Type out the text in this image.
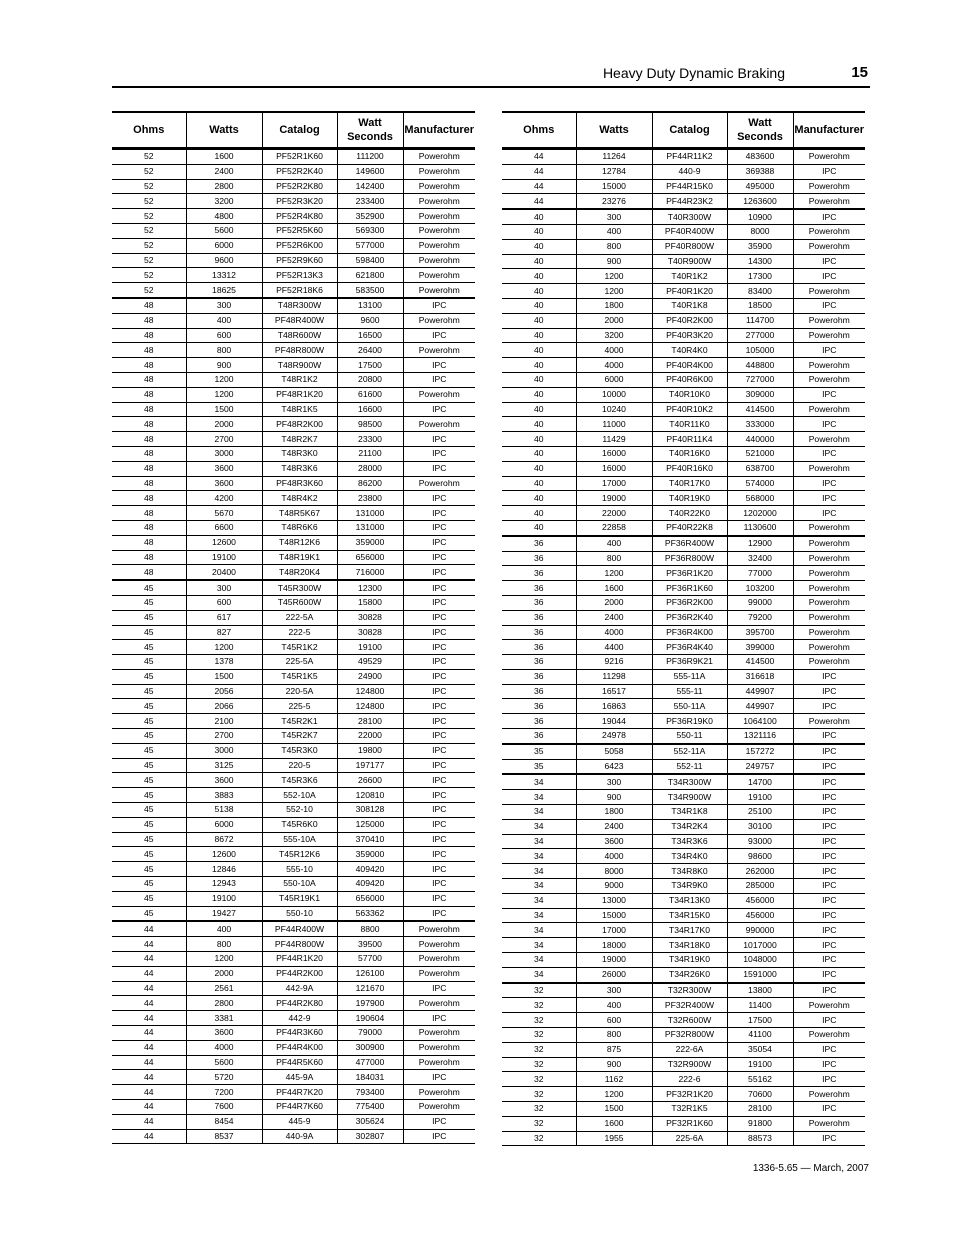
Heavy Duty Dynamic Braking	15
Ohms	Watts	Catalog	Watt
Seconds	Manufacturer
52	1600	PF52R1K60	111200	Powerohm
52	2400	PF52R2K40	149600	Powerohm
52	2800	PF52R2K80	142400	Powerohm
52	3200	PF52R3K20	233400	Powerohm
52	4800	PF52R4K80	352900	Powerohm
52	5600	PF52R5K60	569300	Powerohm
52	6000	PF52R6K00	577000	Powerohm
52	9600	PF52R9K60	598400	Powerohm
52	13312	PF52R13K3	621800	Powerohm
52	18625	PF52R18K6	583500	Powerohm
48	300	T48R300W	13100	IPC
48	400	PF48R400W	9600	Powerohm
48	600	T48R600W	16500	IPC
48	800	PF48R800W	26400	Powerohm
48	900	T48R900W	17500	IPC
48	1200	T48R1K2	20800	IPC
48	1200	PF48R1K20	61600	Powerohm
48	1500	T48R1K5	16600	IPC
48	2000	PF48R2K00	98500	Powerohm
48	2700	T48R2K7	23300	IPC
48	3000	T48R3K0	21100	IPC
48	3600	T48R3K6	28000	IPC
48	3600	PF48R3K60	86200	Powerohm
48	4200	T48R4K2	23800	IPC
48	5670	T48R5K67	131000	IPC
48	6600	T48R6K6	131000	IPC
48	12600	T48R12K6	359000	IPC
48	19100	T48R19K1	656000	IPC
48	20400	T48R20K4	716000	IPC
45	300	T45R300W	12300	IPC
45	600	T45R600W	15800	IPC
45	617	222-5A	30828	IPC
45	827	222-5	30828	IPC
45	1200	T45R1K2	19100	IPC
45	1378	225-5A	49529	IPC
45	1500	T45R1K5	24900	IPC
45	2056	220-5A	124800	IPC
45	2066	225-5	124800	IPC
45	2100	T45R2K1	28100	IPC
45	2700	T45R2K7	22000	IPC
45	3000	T45R3K0	19800	IPC
45	3125	220-5	197177	IPC
45	3600	T45R3K6	26600	IPC
45	3883	552-10A	120810	IPC
45	5138	552-10	308128	IPC
45	6000	T45R6K0	125000	IPC
45	8672	555-10A	370410	IPC
45	12600	T45R12K6	359000	IPC
45	12846	555-10	409420	IPC
45	12943	550-10A	409420	IPC
45	19100	T45R19K1	656000	IPC
45	19427	550-10	563362	IPC
44	400	PF44R400W	8800	Powerohm
44	800	PF44R800W	39500	Powerohm
44	1200	PF44R1K20	57700	Powerohm
44	2000	PF44R2K00	126100	Powerohm
44	2561	442-9A	121670	IPC
44	2800	PF44R2K80	197900	Powerohm
44	3381	442-9	190604	IPC
44	3600	PF44R3K60	79000	Powerohm
44	4000	PF44R4K00	300900	Powerohm
44	5600	PF44R5K60	477000	Powerohm
44	5720	445-9A	184031	IPC
44	7200	PF44R7K20	793400	Powerohm
44	7600	PF44R7K60	775400	Powerohm
44	8454	445-9	305624	IPC
44	8537	440-9A	302807	IPC
Ohms	Watts	Catalog	Watt
Seconds	Manufacturer
44	11264	PF44R11K2	483600	Powerohm
44	12784	440-9	369388	IPC
44	15000	PF44R15K0	495000	Powerohm
44	23276	PF44R23K2	1263600	Powerohm
40	300	T40R300W	10900	IPC
40	400	PF40R400W	8000	Powerohm
40	800	PF40R800W	35900	Powerohm
40	900	T40R900W	14300	IPC
40	1200	T40R1K2	17300	IPC
40	1200	PF40R1K20	83400	Powerohm
40	1800	T40R1K8	18500	IPC
40	2000	PF40R2K00	114700	Powerohm
40	3200	PF40R3K20	277000	Powerohm
40	4000	T40R4K0	105000	IPC
40	4000	PF40R4K00	448800	Powerohm
40	6000	PF40R6K00	727000	Powerohm
40	10000	T40R10K0	309000	IPC
40	10240	PF40R10K2	414500	Powerohm
40	11000	T40R11K0	333000	IPC
40	11429	PF40R11K4	440000	Powerohm
40	16000	T40R16K0	521000	IPC
40	16000	PF40R16K0	638700	Powerohm
40	17000	T40R17K0	574000	IPC
40	19000	T40R19K0	568000	IPC
40	22000	T40R22K0	1202000	IPC
40	22858	PF40R22K8	1130600	Powerohm
36	400	PF36R400W	12900	Powerohm
36	800	PF36R800W	32400	Powerohm
36	1200	PF36R1K20	77000	Powerohm
36	1600	PF36R1K60	103200	Powerohm
36	2000	PF36R2K00	99000	Powerohm
36	2400	PF36R2K40	79200	Powerohm
36	4000	PF36R4K00	395700	Powerohm
36	4400	PF36R4K40	399000	Powerohm
36	9216	PF36R9K21	414500	Powerohm
36	11298	555-11A	316618	IPC
36	16517	555-11	449907	IPC
36	16863	550-11A	449907	IPC
36	19044	PF36R19K0	1064100	Powerohm
36	24978	550-11	1321116	IPC
35	5058	552-11A	157272	IPC
35	6423	552-11	249757	IPC
34	300	T34R300W	14700	IPC
34	900	T34R900W	19100	IPC
34	1800	T34R1K8	25100	IPC
34	2400	T34R2K4	30100	IPC
34	3600	T34R3K6	93000	IPC
34	4000	T34R4K0	98600	IPC
34	8000	T34R8K0	262000	IPC
34	9000	T34R9K0	285000	IPC
34	13000	T34R13K0	456000	IPC
34	15000	T34R15K0	456000	IPC
34	17000	T34R17K0	990000	IPC
34	18000	T34R18K0	1017000	IPC
34	19000	T34R19K0	1048000	IPC
34	26000	T34R26K0	1591000	IPC
32	300	T32R300W	13800	IPC
32	400	PF32R400W	11400	Powerohm
32	600	T32R600W	17500	IPC
32	800	PF32R800W	41100	Powerohm
32	875	222-6A	35054	IPC
32	900	T32R900W	19100	IPC
32	1162	222-6	55162	IPC
32	1200	PF32R1K20	70600	Powerohm
32	1500	T32R1K5	28100	IPC
32	1600	PF32R1K60	91800	Powerohm
32	1955	225-6A	88573	IPC
1336-5.65 — March, 2007
